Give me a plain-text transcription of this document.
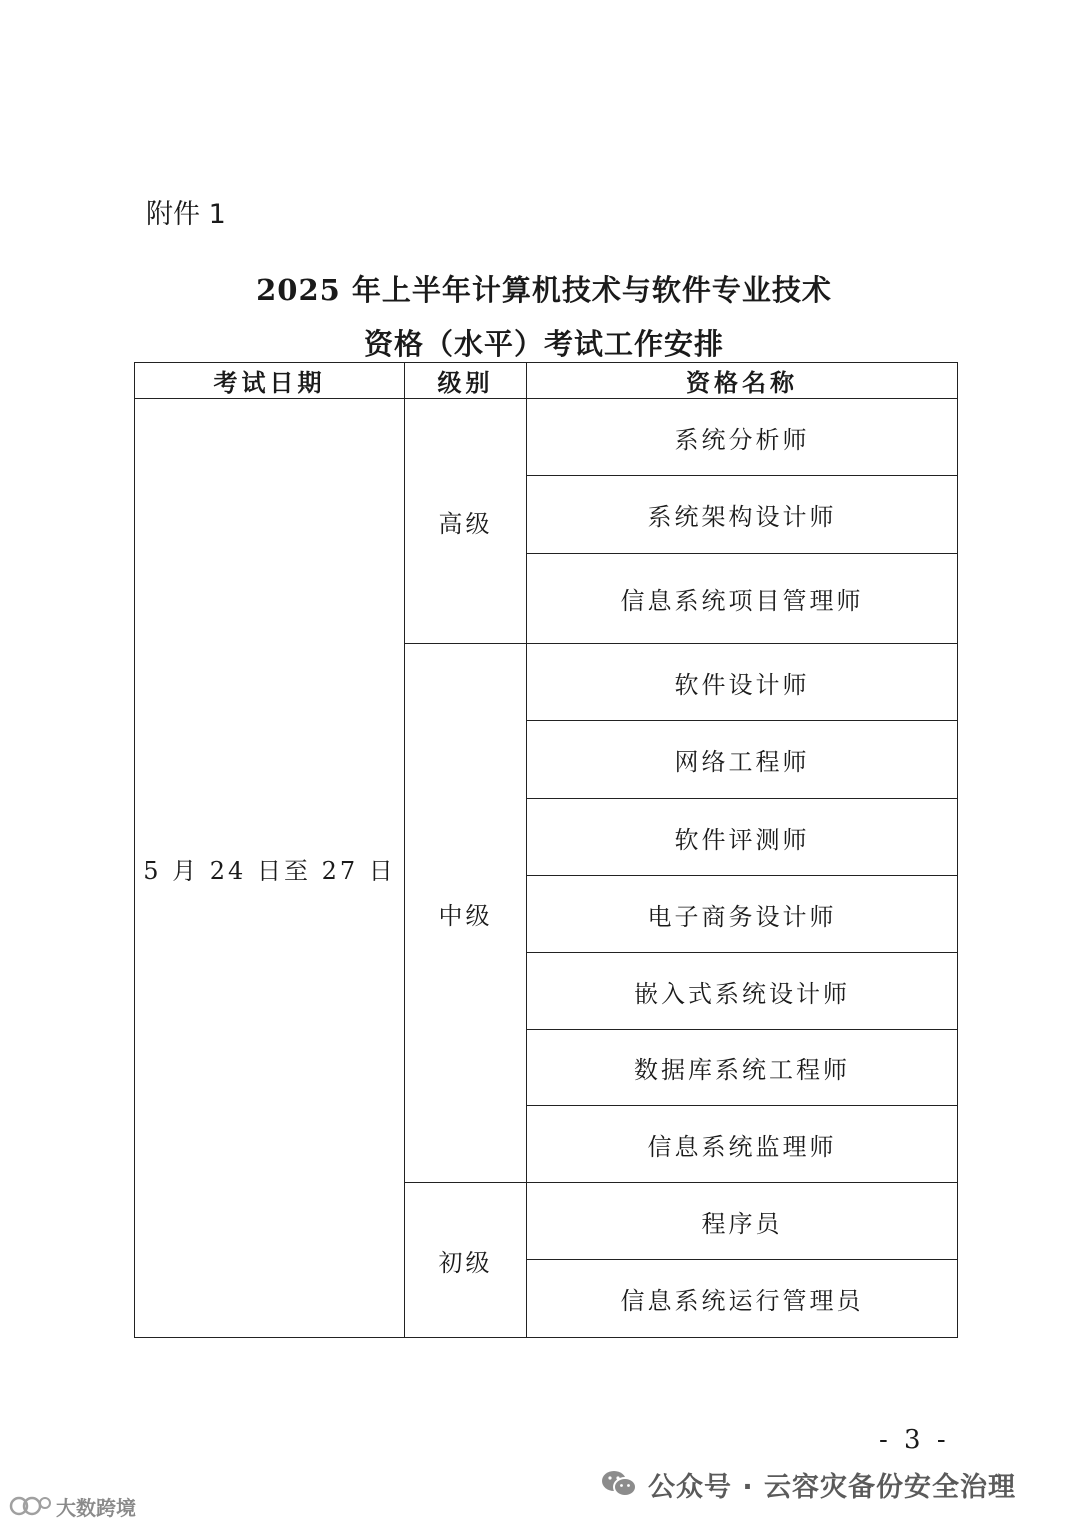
附件 1
2025 年上半年计算机技术与软件专业技术
资格（水平）考试工作安排
考试日期	级别	资格名称
5 月 24 日至 27 日	高级	系统分析师
		系统架构设计师
		信息系统项目管理师
	中级	软件设计师
		网络工程师
		软件评测师
		电子商务设计师
		嵌入式系统设计师
		数据库系统工程师
		信息系统监理师
	初级	程序员
		信息系统运行管理员
- 3 -
公众号 · 云容灾备份安全治理
大数跨境
